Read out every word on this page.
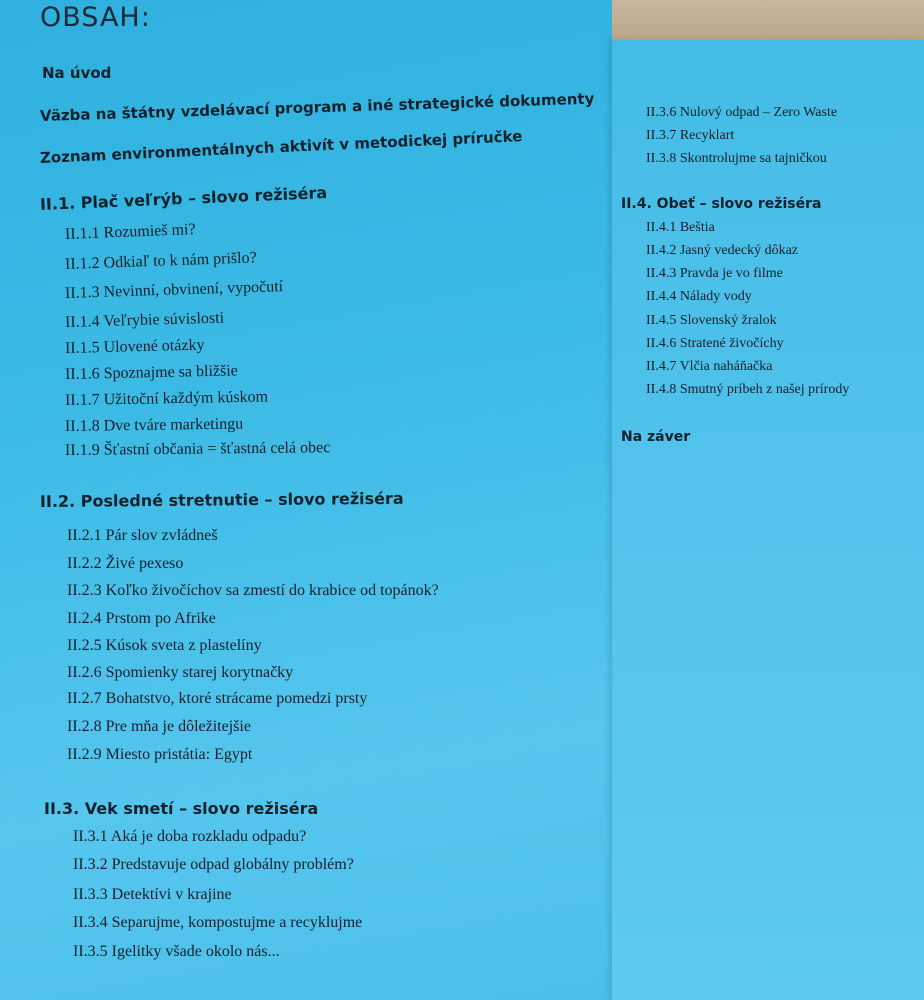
OBSAH:
Na úvod
Väzba na štátny vzdelávací program a iné strategické dokumenty
Zoznam environmentálnych aktivít v metodickej príručke
II.1. Plač veľrýb – slovo režiséra
II.1.1 Rozumieš mi?
II.1.2 Odkiaľ to k nám prišlo?
II.1.3 Nevinní, obvinení, vypočutí
II.1.4 Veľrybie súvislosti
II.1.5 Ulovené otázky
II.1.6 Spoznajme sa bližšie
II.1.7 Užitoční každým kúskom
II.1.8 Dve tváre marketingu
II.1.9 Šťastní občania = šťastná celá obec
II.2. Posledné stretnutie – slovo režiséra
II.2.1 Pár slov zvládneš
II.2.2 Živé pexeso
II.2.3 Koľko živočíchov sa zmestí do krabice od topánok?
II.2.4 Prstom po Afrike
II.2.5 Kúsok sveta z plastelíny
II.2.6 Spomienky starej korytnačky
II.2.7 Bohatstvo, ktoré strácame pomedzi prsty
II.2.8 Pre mňa je dôležitejšie
II.2.9 Miesto pristátia: Egypt
II.3. Vek smetí – slovo režiséra
II.3.1 Aká je doba rozkladu odpadu?
II.3.2 Predstavuje odpad globálny problém?
II.3.3 Detektívi v krajine
II.3.4 Separujme, kompostujme a recyklujme
II.3.5 Igelitky všade okolo nás...
II.3.6 Nulový odpad – Zero Waste
II.3.7 Recyklart
II.3.8 Skontrolujme sa tajničkou
II.4. Obeť – slovo režiséra
II.4.1 Beštia
II.4.2 Jasný vedecký dôkaz
II.4.3 Pravda je vo filme
II.4.4 Nálady vody
II.4.5 Slovenský žralok
II.4.6 Stratené živočíchy
II.4.7 Vlčia naháňačka
II.4.8 Smutný príbeh z našej prírody
Na záver
